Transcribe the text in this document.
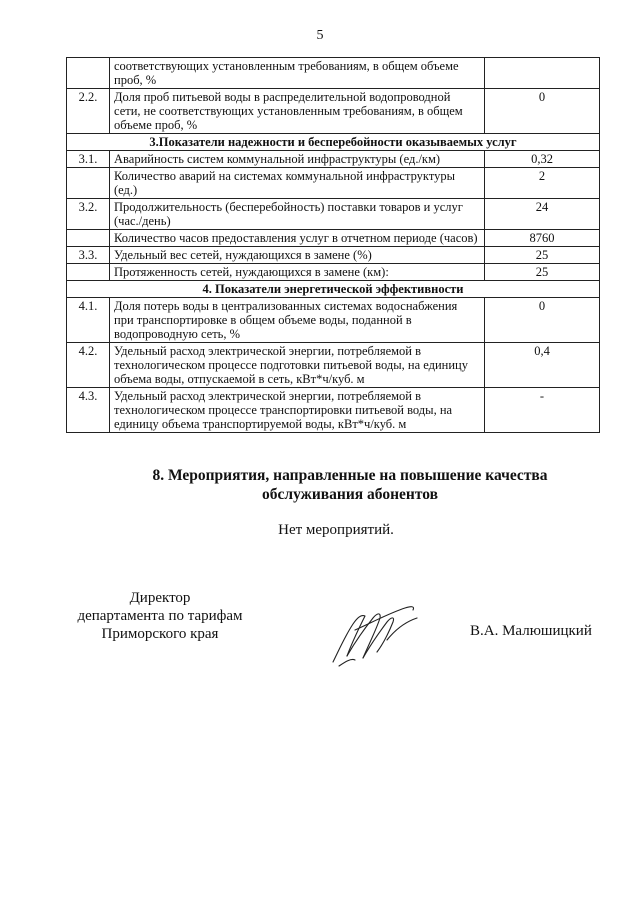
5
	соответствующих установленным требованиям, в общем объеме проб, %	
2.2.	Доля проб питьевой воды в распределительной водопроводной сети, не соответствующих установленным требованиям, в общем объеме проб, %	0
3.Показатели надежности и бесперебойности оказываемых услуг		
3.1.	Аварийность систем коммунальной инфраструктуры (ед./км)	0,32
	Количество аварий на системах коммунальной инфраструктуры (ед.)	2
3.2.	Продолжительность (бесперебойность) поставки товаров и услуг (час./день)	24
	Количество часов предоставления услуг в отчетном периоде (часов)	8760
3.3.	Удельный вес сетей, нуждающихся в замене (%)	25
	Протяженность сетей, нуждающихся в замене (км):	25
4. Показатели энергетической эффективности		
4.1.	Доля потерь воды в централизованных системах водоснабжения при транспортировке в общем объеме воды, поданной в водопроводную сеть, %	0
4.2.	Удельный расход электрической энергии, потребляемой в технологическом процессе подготовки питьевой воды, на единицу объема воды, отпускаемой в сеть, кВт*ч/куб. м	0,4
4.3.	Удельный расход электрической энергии, потребляемой в технологическом процессе транспортировки питьевой воды, на единицу объема транспортируемой воды, кВт*ч/куб. м	-
8. Мероприятия, направленные на повышение качества
обслуживания абонентов
Нет мероприятий.
Директор
департамента по тарифам
Приморского края	В.А. Малюшицкий
